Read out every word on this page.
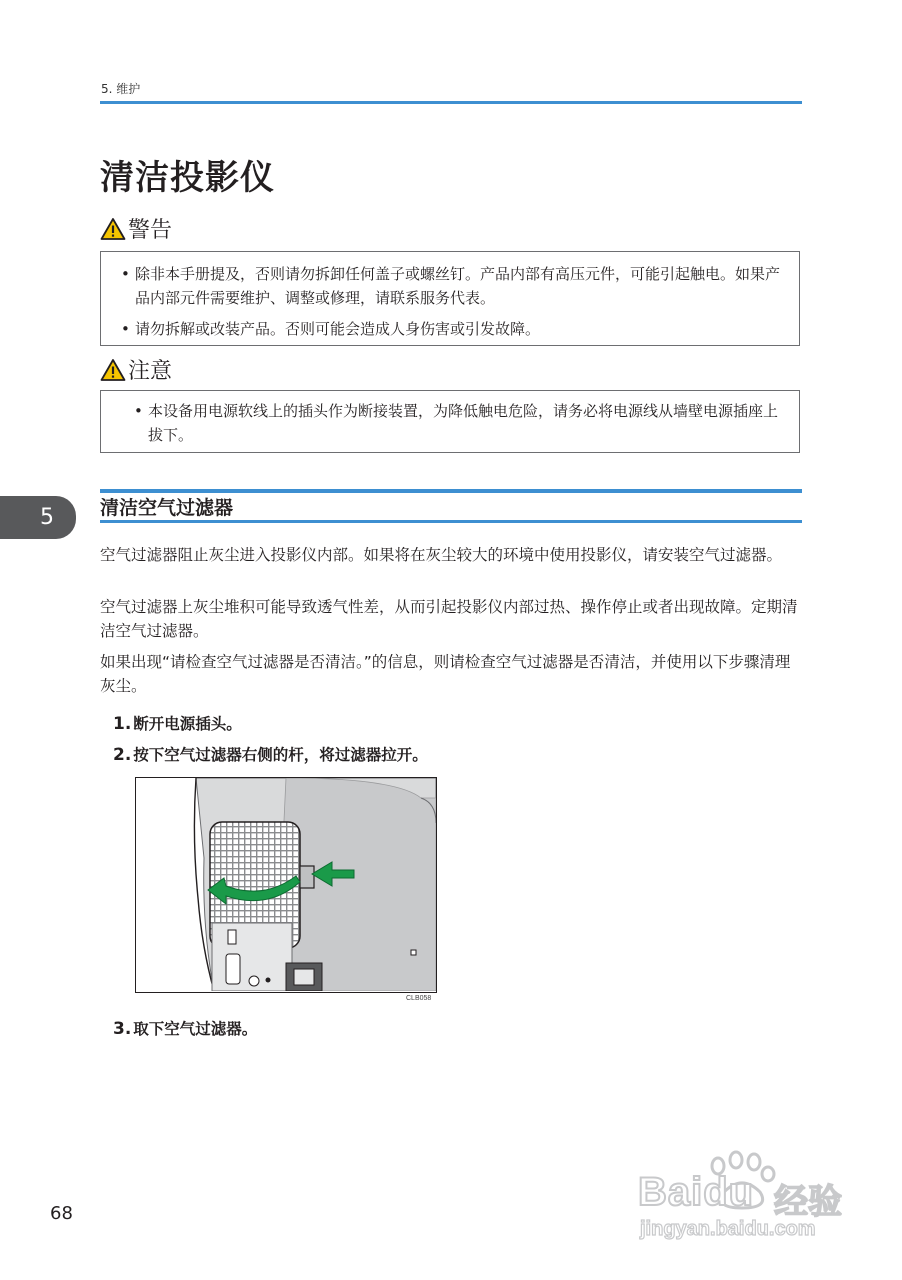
5. 维护
清洁投影仪
警告
• 除非本手册提及，否则请勿拆卸任何盖子或螺丝钉。产品内部有高压元件，可能引起触电。如果产品内部元件需要维护、调整或修理，请联系服务代表。
• 请勿拆解或改装产品。否则可能会造成人身伤害或引发故障。
注意
• 本设备用电源软线上的插头作为断接装置，为降低触电危险，请务必将电源线从墙壁电源插座上拔下。
5	清洁空气过滤器
空气过滤器阻止灰尘进入投影仪内部。如果将在灰尘较大的环境中使用投影仪，请安装空气过滤器。
空气过滤器上灰尘堆积可能导致透气性差，从而引起投影仪内部过热、操作停止或者出现故障。定期清洁空气过滤器。
如果出现“请检查空气过滤器是否清洁。”的信息，则请检查空气过滤器是否清洁，并使用以下步骤清理灰尘。
1. 断开电源插头。
2. 按下空气过滤器右侧的杆，将过滤器拉开。
CLB058
3. 取下空气过滤器。
68	Baidu 经验
jingyan.baidu.com
